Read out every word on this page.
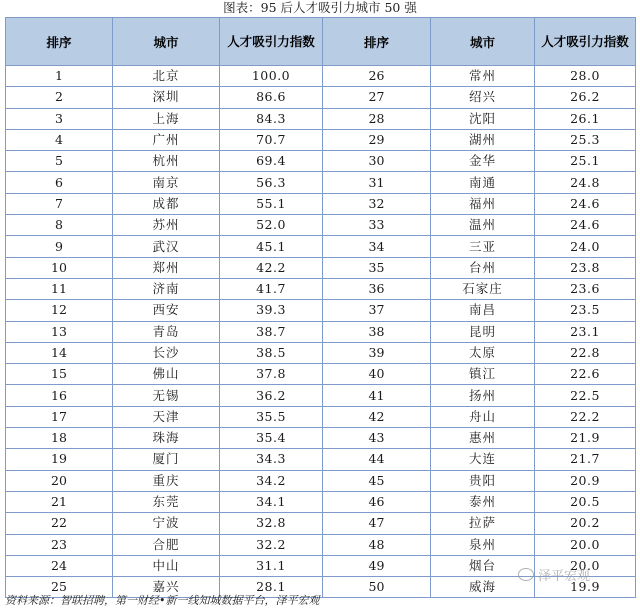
图表：95 后人才吸引力城市 50 强
排序	城市	人才吸引力指数	排序	城市	人才吸引力指数
1	北京	100.0	26	常州	28.0
2	深圳	86.6	27	绍兴	26.2
3	上海	84.3	28	沈阳	26.1
4	广州	70.7	29	湖州	25.3
5	杭州	69.4	30	金华	25.1
6	南京	56.3	31	南通	24.8
7	成都	55.1	32	福州	24.6
8	苏州	52.0	33	温州	24.6
9	武汉	45.1	34	三亚	24.0
10	郑州	42.2	35	台州	23.8
11	济南	41.7	36	石家庄	23.6
12	西安	39.3	37	南昌	23.5
13	青岛	38.7	38	昆明	23.1
14	长沙	38.5	39	太原	22.8
15	佛山	37.8	40	镇江	22.6
16	无锡	36.2	41	扬州	22.5
17	天津	35.5	42	舟山	22.2
18	珠海	35.4	43	惠州	21.9
19	厦门	34.3	44	大连	21.7
20	重庆	34.2	45	贵阳	20.9
21	东莞	34.1	46	泰州	20.5
22	宁波	32.8	47	拉萨	20.2
23	合肥	32.2	48	泉州	20.0
24	中山	31.1	49	烟台	20.0
25	嘉兴	28.1	50	威海	19.9
资料来源：智联招聘，第一财经•新一线知城数据平台，泽平宏观
泽平宏观
